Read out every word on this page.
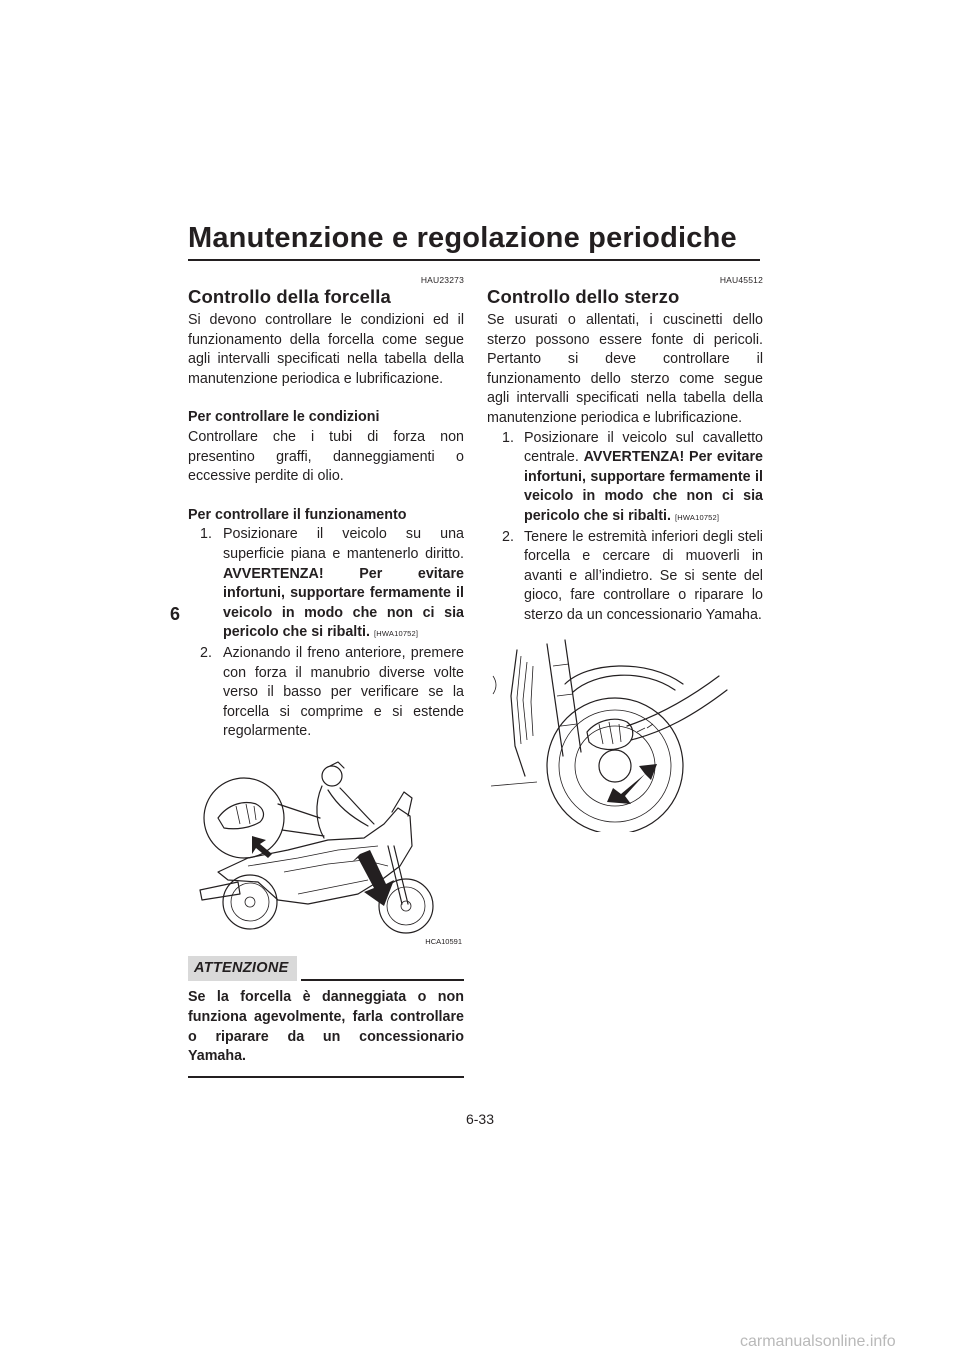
Manutenzione e regolazione periodiche
6
HAU23273
Controllo della forcella

Si devono controllare le condizioni ed il funzionamento della forcella come segue agli intervalli specificati nella tabella della manutenzione periodica e lubrificazione.

Per controllare le condizioni

Controllare che i tubi di forza non presentino graffi, danneggiamenti o eccessive perdite di olio.

Per controllare il funzionamento
1. Posizionare il veicolo su una superficie piana e mantenerlo diritto. AVVERTENZA! Per evitare infortuni, supportare fermamente il veicolo in modo che non ci sia pericolo che si ribalti. [HWA10752]
2. Azionando il freno anteriore, premere con forza il manubrio diverse volte verso il basso per verificare se la forcella si comprime e si estende regolarmente.
HCA10591
ATTENZIONE
Se la forcella è danneggiata o non funziona agevolmente, farla controllare o riparare da un concessionario Yamaha.
HAU45512
Controllo dello sterzo

Se usurati o allentati, i cuscinetti dello sterzo possono essere fonte di pericoli. Pertanto si deve controllare il funzionamento dello sterzo come segue agli intervalli specificati nella tabella della manutenzione periodica e lubrificazione.

1. Posizionare il veicolo sul cavalletto centrale. AVVERTENZA! Per evitare infortuni, supportare fermamente il veicolo in modo che non ci sia pericolo che si ribalti. [HWA10752]
2. Tenere le estremità inferiori degli steli forcella e cercare di muoverli in avanti e all’indietro. Se si sente del gioco, fare controllare o riparare lo sterzo da un concessionario Yamaha.
6-33
carmanualsonline.info
